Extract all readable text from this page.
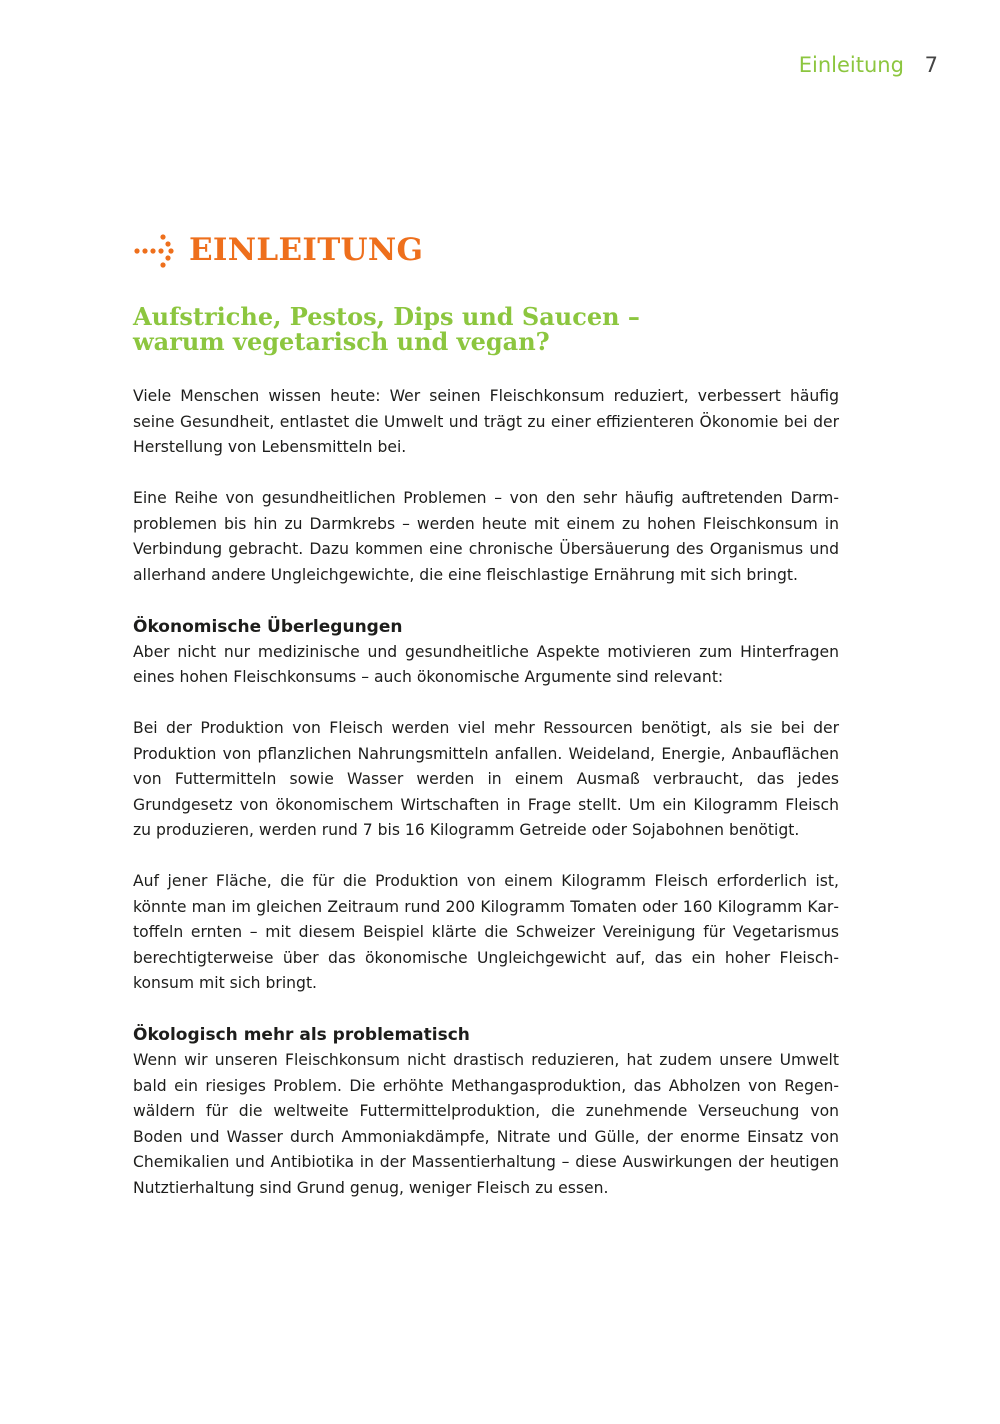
Einleitung 7
EINLEITUNG
Aufstriche, Pestos, Dips und Saucen –
warum vegetarisch und vegan?

Viele Menschen wissen heute: Wer seinen Fleischkonsum reduziert, verbessert häufig seine Gesundheit, entlastet die Umwelt und trägt zu einer effizienteren Ökonomie bei der Herstellung von Lebensmitteln bei.

Eine Reihe von gesundheitlichen Problemen – von den sehr häufig auftretenden Darmproblemen bis hin zu Darmkrebs – werden heute mit einem zu hohen Fleischkonsum in Verbindung gebracht. Dazu kommen eine chronische Übersäuerung des Organismus und allerhand andere Ungleichgewichte, die eine fleischlastige Ernährung mit sich bringt.

Ökonomische Überlegungen

Aber nicht nur medizinische und gesundheitliche Aspekte motivieren zum Hinterfragen eines hohen Fleischkonsums – auch ökonomische Argumente sind relevant:

Bei der Produktion von Fleisch werden viel mehr Ressourcen benötigt, als sie bei der Produktion von pflanzlichen Nahrungsmitteln anfallen. Weideland, Energie, Anbauflächen von Futtermitteln sowie Wasser werden in einem Ausmaß verbraucht, das jedes Grundgesetz von ökonomischem Wirtschaften in Frage stellt. Um ein Kilogramm Fleisch zu produzieren, werden rund 7 bis 16 Kilogramm Getreide oder Sojabohnen benötigt.

Auf jener Fläche, die für die Produktion von einem Kilogramm Fleisch erforderlich ist, könnte man im gleichen Zeitraum rund 200 Kilogramm Tomaten oder 160 Kilogramm Kartoffeln ernten – mit diesem Beispiel klärte die Schweizer Vereinigung für Vegetarismus berechtigterweise über das ökonomische Ungleichgewicht auf, das ein hoher Fleischkonsum mit sich bringt.

Ökologisch mehr als problematisch

Wenn wir unseren Fleischkonsum nicht drastisch reduzieren, hat zudem unsere Umwelt bald ein riesiges Problem. Die erhöhte Methangasproduktion, das Abholzen von Regenwäldern für die weltweite Futtermittelproduktion, die zunehmende Verseuchung von Boden und Wasser durch Ammoniakdämpfe, Nitrate und Gülle, der enorme Einsatz von Chemikalien und Antibiotika in der Massentierhaltung – diese Auswirkungen der heutigen Nutztierhaltung sind Grund genug, weniger Fleisch zu essen.
